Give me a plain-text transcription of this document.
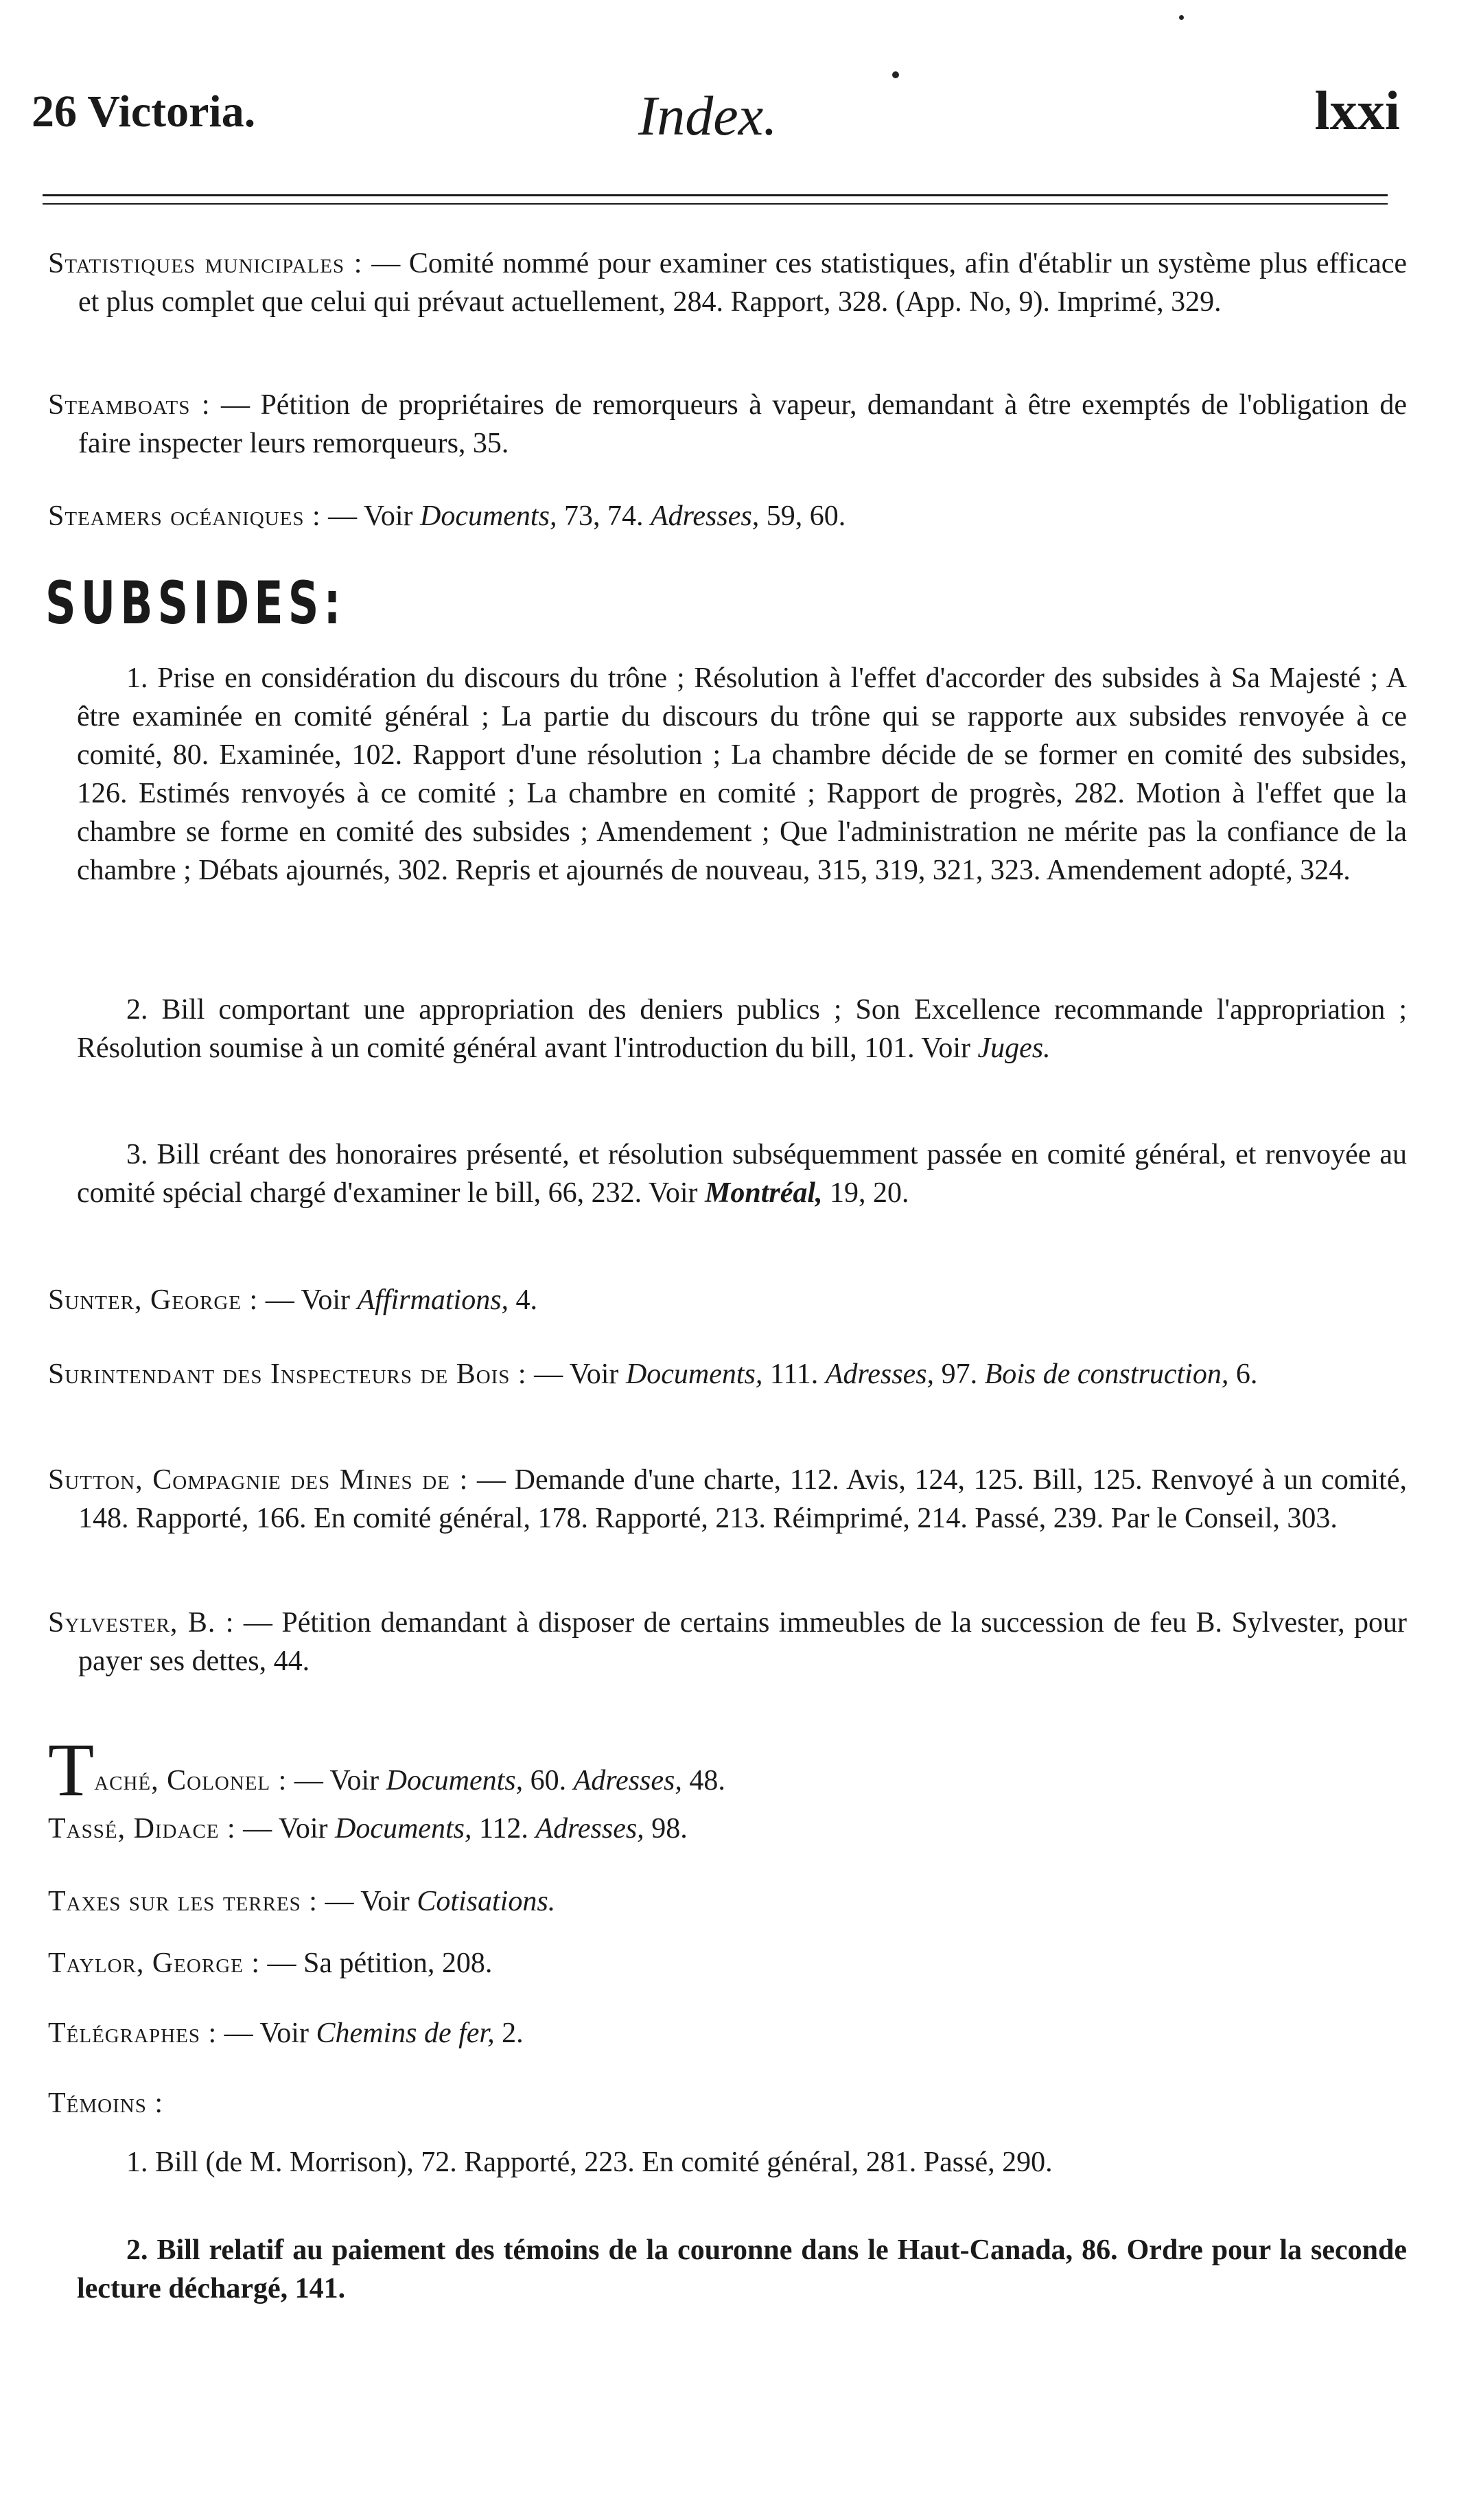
26 Victoria.	Index.	lxxi
Statistiques municipales : — Comité nommé pour examiner ces statistiques, afin d'établir un système plus efficace et plus complet que celui qui prévaut actuellement, 284. Rapport, 328. (App. No, 9). Imprimé, 329.
Steamboats : — Pétition de propriétaires de remorqueurs à vapeur, demandant à être exemptés de l'obligation de faire inspecter leurs remorqueurs, 35.
Steamers océaniques : — Voir Documents, 73, 74. Adresses, 59, 60.
SUBSIDES:
1. Prise en considération du discours du trône ; Résolution à l'effet d'accorder des subsides à Sa Majesté ; A être examinée en comité général ; La partie du discours du trône qui se rapporte aux subsides renvoyée à ce comité, 80. Examinée, 102. Rapport d'une résolution ; La chambre décide de se former en comité des subsides, 126. Estimés renvoyés à ce comité ; La chambre en comité ; Rapport de progrès, 282. Motion à l'effet que la chambre se forme en comité des subsides ; Amendement ; Que l'administration ne mérite pas la confiance de la chambre ; Débats ajournés, 302. Repris et ajournés de nouveau, 315, 319, 321, 323. Amendement adopté, 324.
2. Bill comportant une appropriation des deniers publics ; Son Excellence recommande l'appropriation ; Résolution soumise à un comité général avant l'introduction du bill, 101. Voir Juges.
3. Bill créant des honoraires présenté, et résolution subséquemment passée en comité général, et renvoyée au comité spécial chargé d'examiner le bill, 66, 232. Voir Montréal, 19, 20.
Sunter, George : — Voir Affirmations, 4.
Surintendant des Inspecteurs de Bois : — Voir Documents, 111. Adresses, 97. Bois de construction, 6.
Sutton, Compagnie des Mines de : — Demande d'une charte, 112. Avis, 124, 125. Bill, 125. Renvoyé à un comité, 148. Rapporté, 166. En comité général, 178. Rapporté, 213. Réimprimé, 214. Passé, 239. Par le Conseil, 303.
Sylvester, B. : — Pétition demandant à disposer de certains immeubles de la succession de feu B. Sylvester, pour payer ses dettes, 44.
Taché, Colonel : — Voir Documents, 60. Adresses, 48.
Tassé, Didace : — Voir Documents, 112. Adresses, 98.
Taxes sur les terres : — Voir Cotisations.
Taylor, George : — Sa pétition, 208.
Télégraphes : — Voir Chemins de fer, 2.
Témoins :
1. Bill (de M. Morrison), 72. Rapporté, 223. En comité général, 281. Passé, 290.
2. Bill relatif au paiement des témoins de la couronne dans le Haut-Canada, 86. Ordre pour la seconde lecture déchargé, 141.
